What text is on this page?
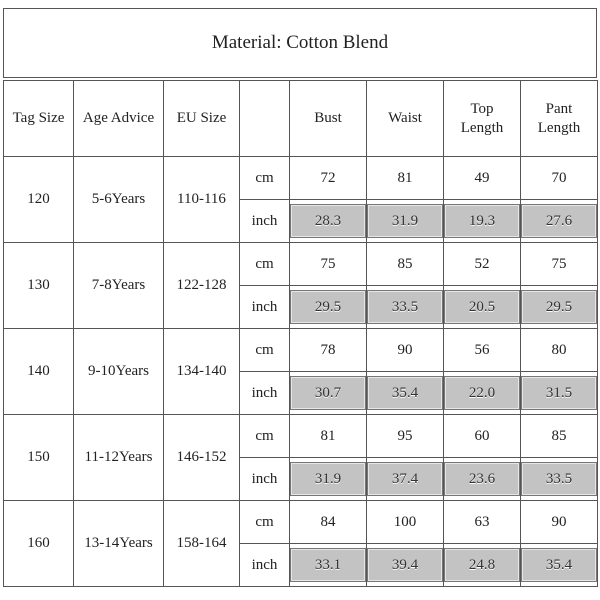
Material: Cotton Blend
Tag Size	Age Advice	EU Size		Bust	Waist	Top Length	Pant Length
120	5-6Years	110-116	cm	72	81	49	70
			inch	28.3	31.9	19.3	27.6

130	7-8Years	122-128	cm	75	85	52	75
			inch	29.5	33.5	20.5	29.5

140	9-10Years	134-140	cm	78	90	56	80
			inch	30.7	35.4	22.0	31.5

150	11-12Years	146-152	cm	81	95	60	85
			inch	31.9	37.4	23.6	33.5

160	13-14Years	158-164	cm	84	100	63	90
			inch	33.1	39.4	24.8	35.4
